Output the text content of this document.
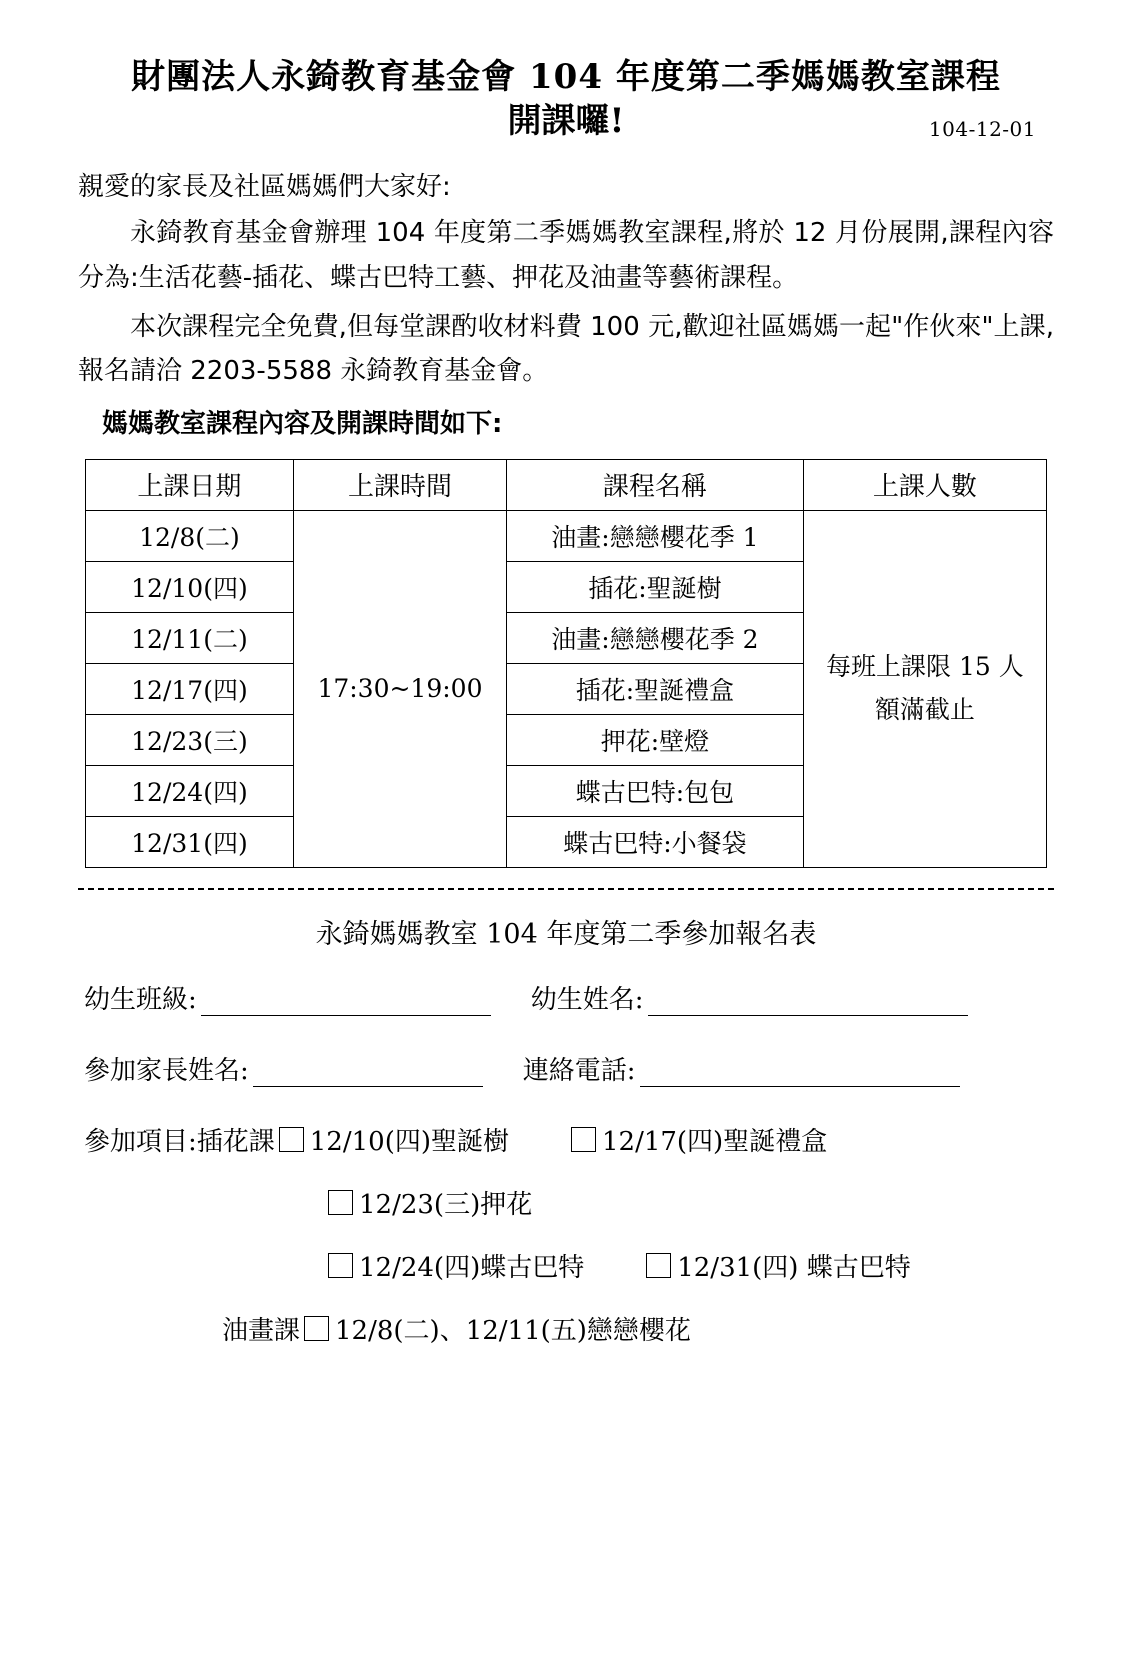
財團法人永錡教育基金會 104 年度第二季媽媽教室課程
開課囉!	104-12-01
親愛的家長及社區媽媽們大家好:
永錡教育基金會辦理 104 年度第二季媽媽教室課程,將於 12 月份展開,課程內容分為:生活花藝-插花、蝶古巴特工藝、押花及油畫等藝術課程。
本次課程完全免費,但每堂課酌收材料費 100 元,歡迎社區媽媽一起"作伙來"上課,報名請洽 2203-5588 永錡教育基金會。
媽媽教室課程內容及開課時間如下:
上課日期	上課時間	課程名稱	上課人數
12/8(二)	17:30~19:00	油畫:戀戀櫻花季 1	每班上課限 15 人
額滿截止

12/10(四)		插花:聖誕樹	
12/11(二)		油畫:戀戀櫻花季 2	
12/17(四)		插花:聖誕禮盒	
12/23(三)		押花:壁燈	
12/24(四)		蝶古巴特:包包	
12/31(四)		蝶古巴特:小餐袋	
永錡媽媽教室 104 年度第二季參加報名表
幼生班級:	幼生姓名:
參加家長姓名:	連絡電話:
參加項目:插花課 12/10(四)聖誕樹	12/17(四)聖誕禮盒
12/23(三)押花
12/24(四)蝶古巴特	12/31(四) 蝶古巴特
油畫課 12/8(二)、12/11(五)戀戀櫻花
